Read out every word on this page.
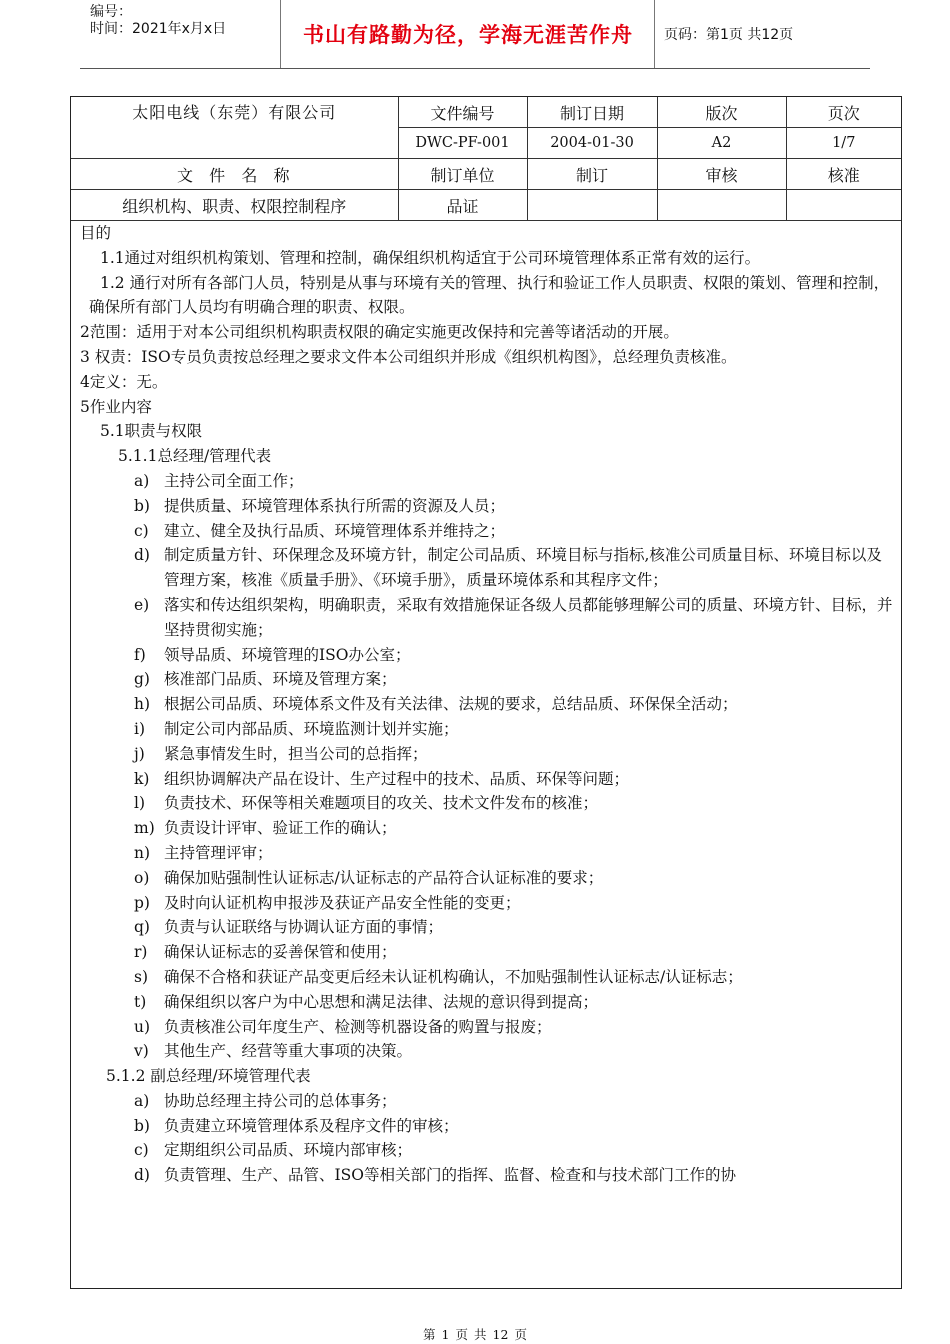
编号：
时间：2021年x月x日	书山有路勤为径，学海无涯苦作舟	页码：第1页 共12页
太阳电线（东莞）有限公司	文件编号	制订日期	版次	页次
	DWC-PF-001	2004-01-30	A2	1/7
文  件  名  称	制订单位	制订	审核	核准
组织机构、职责、权限控制程序	品证			

目的

1.1通过对组织机构策划、管理和控制，确保组织机构适宜于公司环境管理体系正常有效的运行。

1.2 通行对所有各部门人员，特别是从事与环境有关的管理、执行和验证工作人员职责、权限的策划、管理和控制，确保所有部门人员均有明确合理的职责、权限。

2范围：适用于对本公司组织机构职责权限的确定实施更改保持和完善等诸活动的开展。

3 权责：ISO专员负责按总经理之要求文件本公司组织并形成《组织机构图》，总经理负责核准。

4定义：无。

5作业内容

5.1职责与权限

5.1.1总经理/管理代表

a) 主持公司全面工作；
b) 提供质量、环境管理体系执行所需的资源及人员；
c) 建立、健全及执行品质、环境管理体系并维持之；
d) 制定质量方针、环保理念及环境方针，制定公司品质、环境目标与指标,核准公司质量目标、环境目标以及管理方案，核准《质量手册》、《环境手册》，质量环境体系和其程序文件；
e) 落实和传达组织架构，明确职责，采取有效措施保证各级人员都能够理解公司的质量、环境方针、目标，并坚持贯彻实施；
f)	领导品质、环境管理的ISO办公室；
g) 核准部门品质、环境及管理方案；
h) 根据公司品质、环境体系文件及有关法律、法规的要求，总结品质、环保保全活动；
i)	制定公司内部品质、环境监测计划并实施；
j)	紧急事情发生时，担当公司的总指挥；
k) 组织协调解决产品在设计、生产过程中的技术、品质、环保等问题；
l)	负责技术、环保等相关难题项目的攻关、技术文件发布的核准；
m) 负责设计评审、验证工作的确认；
n) 主持管理评审；
o) 确保加贴强制性认证标志/认证标志的产品符合认证标准的要求；
p) 及时向认证机构申报涉及获证产品安全性能的变更；
q) 负责与认证联络与协调认证方面的事情；
r)	确保认证标志的妥善保管和使用；
s)	确保不合格和获证产品变更后经未认证机构确认，不加贴强制性认证标志/认证标志；
t)	确保组织以客户为中心思想和满足法律、法规的意识得到提高；
u) 负责核准公司年度生产、检测等机器设备的购置与报废；
v) 其他生产、经营等重大事项的决策。

5.1.2 副总经理/环境管理代表

a) 协助总经理主持公司的总体事务；
b) 负责建立环境管理体系及程序文件的审核；
c) 定期组织公司品质、环境内部审核；
d) 负责管理、生产、品管、ISO等相关部门的指挥、监督、检查和与技术部门工作的协
第 1 页 共 12 页
